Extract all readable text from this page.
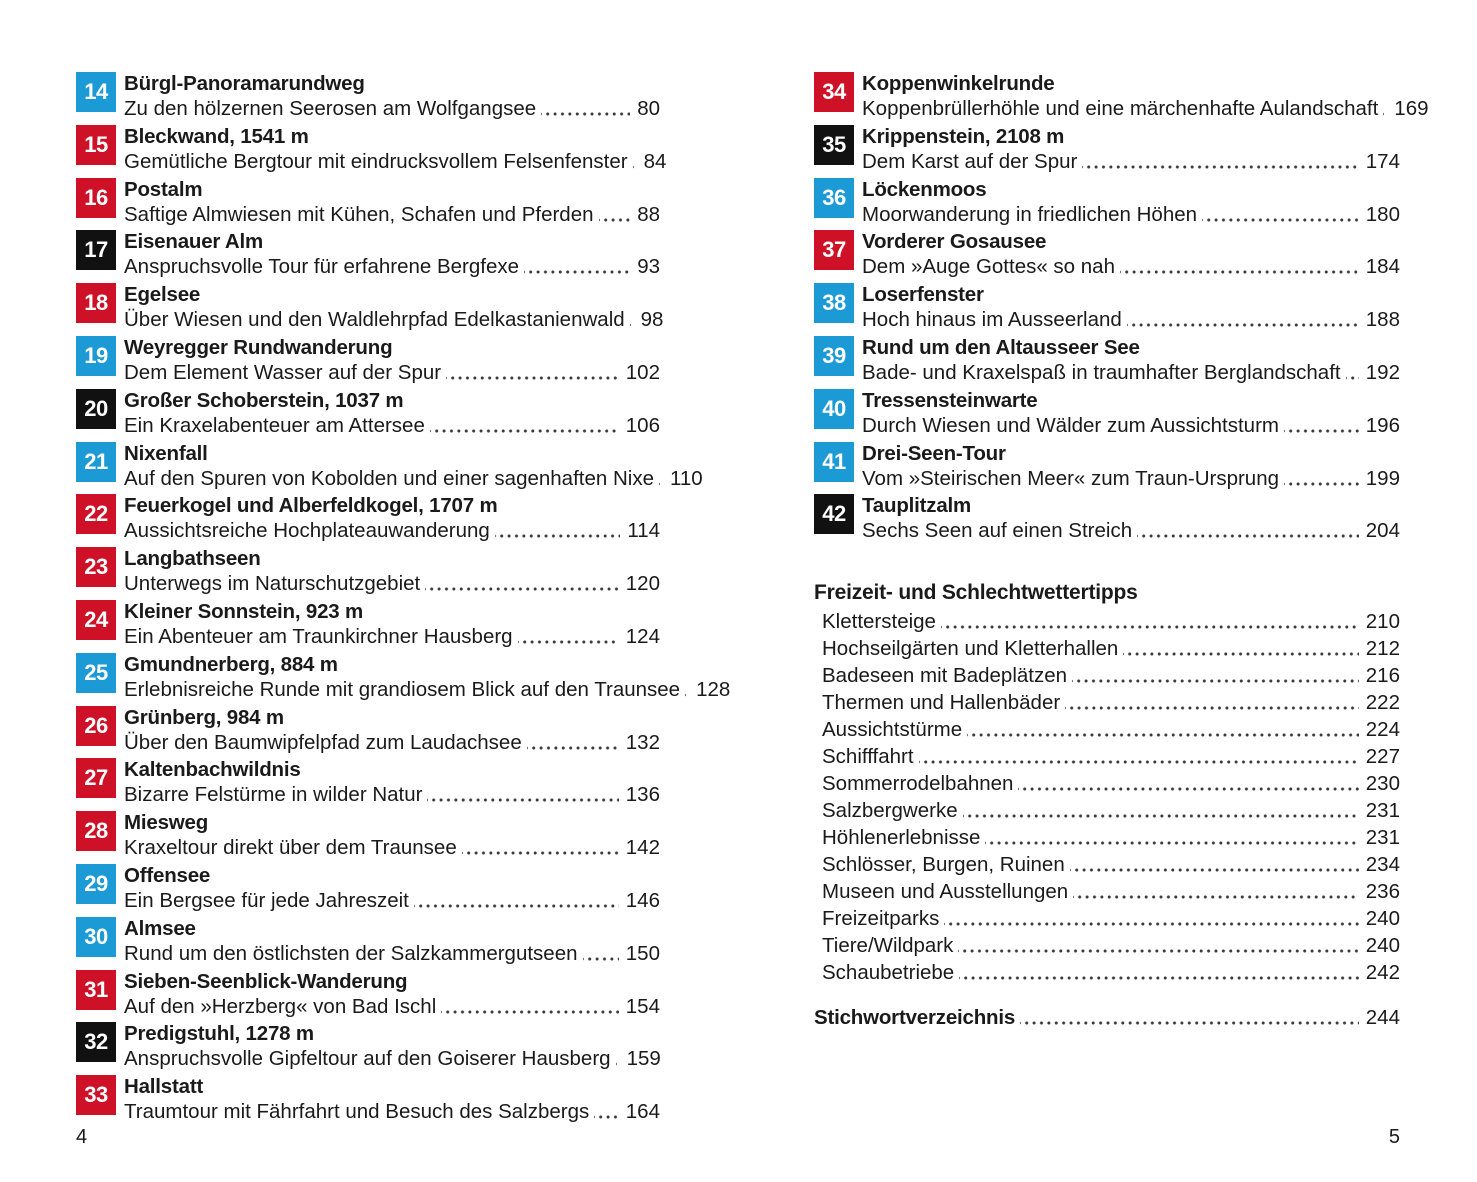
14 Bürgl-Panoramarundweg
Zu den hölzernen Seerosen am Wolfgangsee	80
15 Bleckwand, 1541 m
Gemütliche Bergtour mit eindrucksvollem Felsenfenster 84
16 Postalm
Saftige Almwiesen mit Kühen, Schafen und Pferden 88
17 Eisenauer Alm
Anspruchsvolle Tour für erfahrene Bergfexe	93
18 Egelsee
Über Wiesen und den Waldlehrpfad Edelkastanienwald 98
19 Weyregger Rundwanderung
Dem Element Wasser auf der Spur	102
20 Großer Schoberstein, 1037 m
Ein Kraxelabenteuer am Attersee	106
21 Nixenfall
Auf den Spuren von Kobolden und einer sagenhaften Nixe 110
22 Feuerkogel und Alberfeldkogel, 1707 m
Aussichtsreiche Hochplateauwanderung	114
23 Langbathseen
Unterwegs im Naturschutzgebiet	120
24 Kleiner Sonnstein, 923 m
Ein Abenteuer am Traunkirchner Hausberg	124
25 Gmundnerberg, 884 m
Erlebnisreiche Runde mit grandiosem Blick auf den Traunsee 128
26 Grünberg, 984 m
Über den Baumwipfelpfad zum Laudachsee	132
27 Kaltenbachwildnis
Bizarre Felstürme in wilder Natur	136
28 Miesweg
Kraxeltour direkt über dem Traunsee	142
29 Offensee
Ein Bergsee für jede Jahreszeit	146
30 Almsee
Rund um den östlichsten der Salzkammergutseen 150
31 Sieben-Seenblick-Wanderung
Auf den »Herzberg« von Bad Ischl	154
32 Predigstuhl, 1278 m
Anspruchsvolle Gipfeltour auf den Goiserer Hausberg 159
33 Hallstatt
Traumtour mit Fährfahrt und Besuch des Salzbergs 164
4
34 Koppenwinkelrunde
Koppenbrüllerhöhle und eine märchenhafte Aulandschaft 169
35 Krippenstein, 2108 m
Dem Karst auf der Spur	174
36 Löckenmoos
Moorwanderung in friedlichen Höhen	180
37 Vorderer Gosausee
Dem »Auge Gottes« so nah	184
38 Loserfenster
Hoch hinaus im Ausseerland	188
39 Rund um den Altausseer See
Bade- und Kraxelspaß in traumhafter Berglandschaft 192
40 Tressensteinwarte
Durch Wiesen und Wälder zum Aussichtsturm	196
41 Drei-Seen-Tour
Vom »Steirischen Meer« zum Traun-Ursprung	199
42 Tauplitzalm
Sechs Seen auf einen Streich	204
Freizeit- und Schlechtwettertipps
Klettersteige	210
Hochseilgärten und Kletterhallen	212
Badeseen mit Badeplätzen	216
Thermen und Hallenbäder	222
Aussichtstürme	224
Schifffahrt	227
Sommerrodelbahnen	230
Salzbergwerke	231
Höhlenerlebnisse	231
Schlösser, Burgen, Ruinen	234
Museen und Ausstellungen	236
Freizeitparks	240
Tiere/Wildpark	240
Schaubetriebe	242
Stichwortverzeichnis	244
5
